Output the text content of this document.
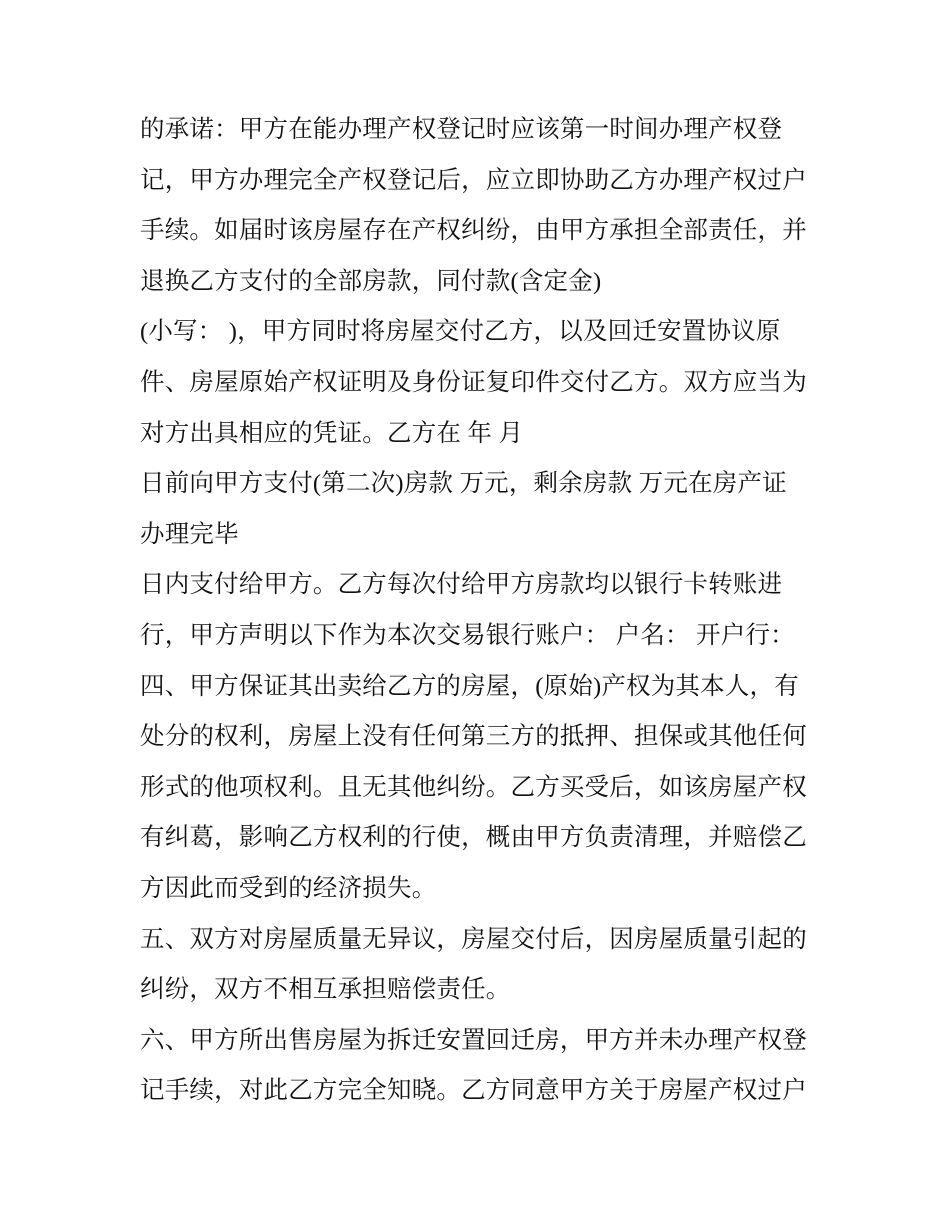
的承诺：甲方在能办理产权登记时应该第一时间办理产权登
记，甲方办理完全产权登记后，应立即协助乙方办理产权过户
手续。如届时该房屋存在产权纠纷，由甲方承担全部责任，并
退换乙方支付的全部房款，同付款(含定金)
(小写： )，甲方同时将房屋交付乙方，以及回迁安置协议原
件、房屋原始产权证明及身份证复印件交付乙方。双方应当为
对方出具相应的凭证。乙方在 年 月
日前向甲方支付(第二次)房款 万元，剩余房款 万元在房产证
办理完毕
日内支付给甲方。乙方每次付给甲方房款均以银行卡转账进
行，甲方声明以下作为本次交易银行账户： 户名： 开户行：
四、甲方保证其出卖给乙方的房屋，(原始)产权为其本人，有
处分的权利，房屋上没有任何第三方的抵押、担保或其他任何
形式的他项权利。且无其他纠纷。乙方买受后，如该房屋产权
有纠葛，影响乙方权利的行使，概由甲方负责清理，并赔偿乙
方因此而受到的经济损失。
五、双方对房屋质量无异议，房屋交付后，因房屋质量引起的
纠纷，双方不相互承担赔偿责任。
六、甲方所出售房屋为拆迁安置回迁房，甲方并未办理产权登
记手续，对此乙方完全知晓。乙方同意甲方关于房屋产权过户
